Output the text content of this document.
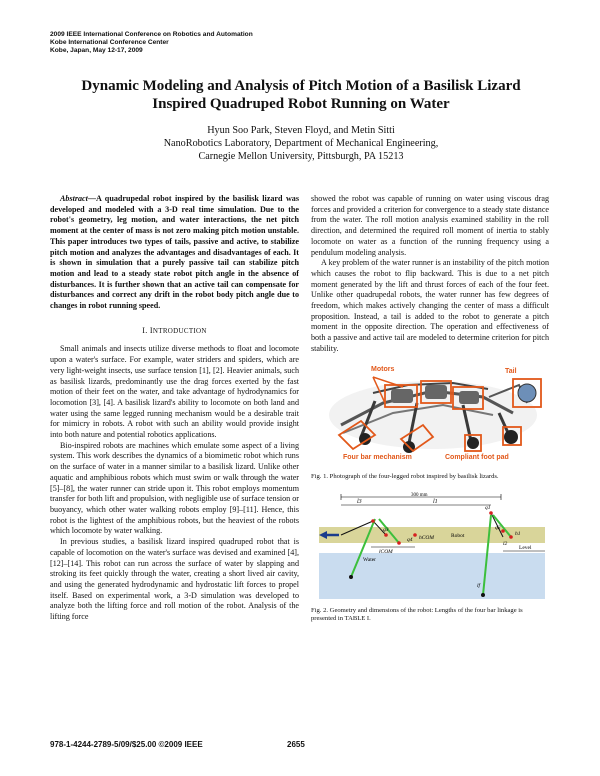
2009 IEEE International Conference on Robotics and Automation
Kobe International Conference Center
Kobe, Japan, May 12-17, 2009
Dynamic Modeling and Analysis of Pitch Motion of a Basilisk Lizard
Inspired Quadruped Robot Running on Water
Hyun Soo Park, Steven Floyd, and Metin Sitti
NanoRobotics Laboratory, Department of Mechanical Engineering,
Carnegie Mellon University, Pittsburgh, PA 15213

Abstract—A quadrupedal robot inspired by the basilisk lizard was developed and modeled with a 3-D real time simulation. Due to the robot's geometry, leg motion, and water interactions, the net pitch moment at the center of mass is not zero making pitch motion unstable. This paper introduces two types of tails, passive and active, to stabilize pitch motion and analyzes the advantages and disadvantages of each. It is shown in simulation that a purely passive tail can stabilize pitch motion and lead to a steady state robot pitch angle in the absence of disturbances. It is further shown that an active tail can compensate for disturbances and correct any drift in the robot body pitch angle due to changes in robot running speed.

I. INTRODUCTION

Small animals and insects utilize diverse methods to float and locomote upon a water's surface. For example, water striders and spiders, which are very light-weight insects, use surface tension [1], [2]. Heavier animals, such as basilisk lizards, predominantly use the drag forces exerted by the fast motion of their feet on the water, and take advantage of hydrodynamics for locomotion [3], [4]. A basilisk lizard's ability to locomote on both land and water using the same legged running mechanism would be a desirable trait for mimicry in robots. A robot with such an ability would provide insight into both nature and potential robotics applications.

Bio-inspired robots are machines which emulate some aspect of a living system. This work describes the dynamics of a biomimetic robot which runs on the surface of water in a manner similar to a basilisk lizard. Unlike other aquatic and amphibious robots which must swim or walk through the water [5]–[8], the water runner can stride upon it. This robot employs momentum transfer for both lift and propulsion, with negligible use of surface tension or buoyancy, which other water walking robots employ [9]–[11]. Hence, this robot is the lightest of the amphibious robots, but the heaviest of the robots which locomote by water walking.

In previous studies, a basilisk lizard inspired quadruped robot that is capable of locomotion on the water's surface was devised and examined [4], [12]–[14]. This robot can run across the surface of water by slapping and stroking its feet quickly through the water, creating a short lived air cavity, and using the generated hydrodynamic and hydrostatic lift forces to propel itself. Based on experimental work, a 3-D simulation was developed to analyze both the lifting force and roll motion of the robot. Analysis of the lifting force

showed the robot was capable of running on water using viscous drag forces and provided a criterion for convergence to a steady state distance from the water. The roll motion analysis examined stability in the roll direction, and determined the required roll moment of inertia to stably locomote on water as a function of the running frequency using a pendulum modeling analysis.

A key problem of the water runner is an instability of the pitch motion which causes the robot to flip backward. This is due to a net pitch moment generated by the lift and thrust forces of each of the four feet. Unlike other quadrupedal robots, the water runner has few degrees of freedom, which makes actively changing the center of mass a difficult proposition. Instead, a tail is added to the robot to generate a pitch moment in the opposite direction. The operation and effectiveness of both a passive and active tail are modeled to determine criterion for pitch stability.

Motors	Tail
Four bar mechanism	Compliant foot pad

Fig. 1. Photograph of the four-legged robot inspired by basilisk lizards.

300 mm
l3	l1
Level
Robot
Water
lCOM
hCOM
q1
q2
q3
q4
l2
lf
h1

Fig. 2. Geometry and dimensions of the robot: Lengths of the four bar linkage is presented in TABLE I.

978-1-4244-2789-5/09/$25.00 ©2009 IEEE	2655
